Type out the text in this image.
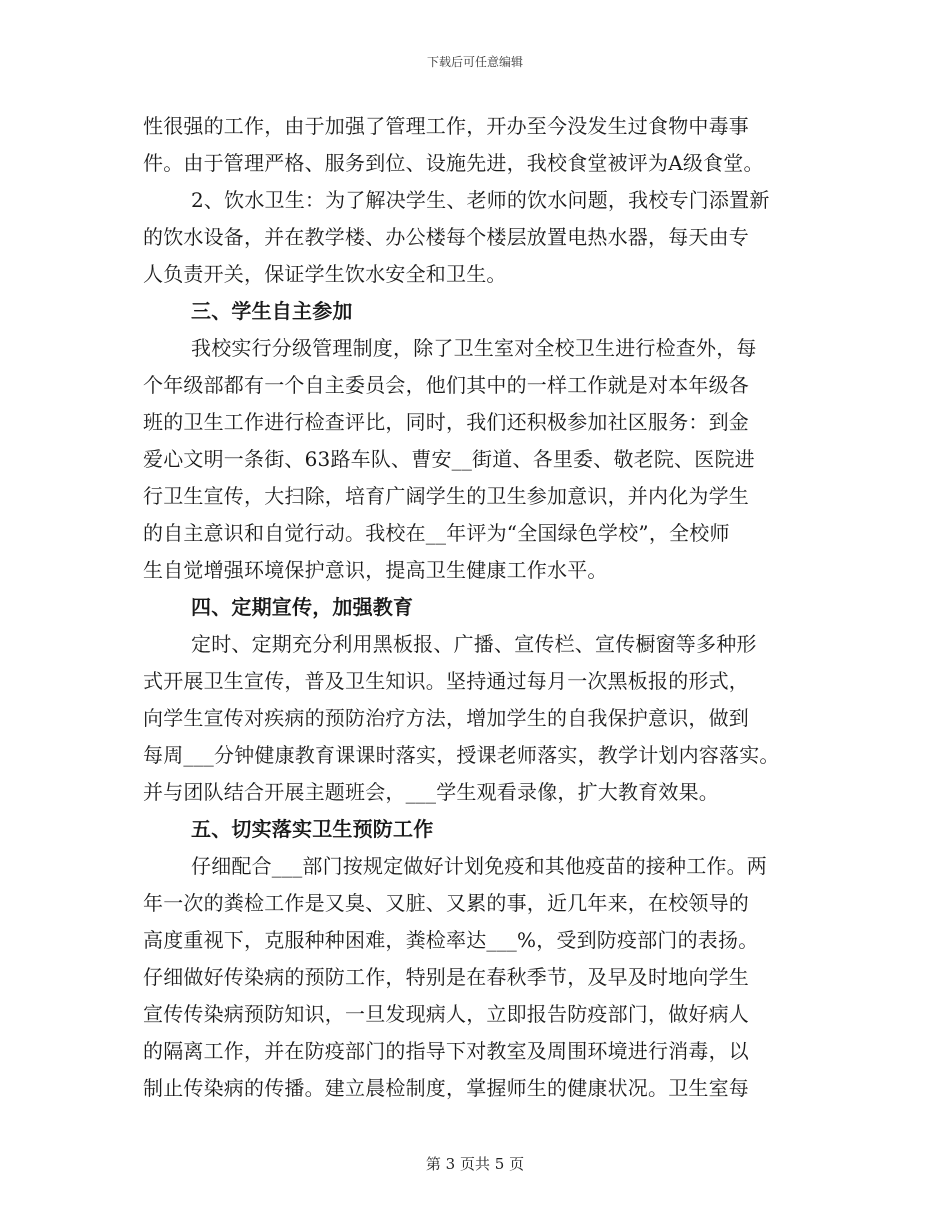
下载后可任意编辑
性很强的工作，由于加强了管理工作，开办至今没发生过食物中毒事
件。由于管理严格、服务到位、设施先进，我校食堂被评为A级食堂。
2、饮水卫生：为了解决学生、老师的饮水问题，我校专门添置新
的饮水设备，并在教学楼、办公楼每个楼层放置电热水器，每天由专
人负责开关，保证学生饮水安全和卫生。
三、学生自主参加
我校实行分级管理制度，除了卫生室对全校卫生进行检查外，每
个年级部都有一个自主委员会，他们其中的一样工作就是对本年级各
班的卫生工作进行检查评比，同时，我们还积极参加社区服务：到金
爱心文明一条街、63路车队、曹安__街道、各里委、敬老院、医院进
行卫生宣传，大扫除，培育广阔学生的卫生参加意识，并内化为学生
的自主意识和自觉行动。我校在__年评为“全国绿色学校”，全校师
生自觉增强环境保护意识，提高卫生健康工作水平。
四、定期宣传，加强教育
定时、定期充分利用黑板报、广播、宣传栏、宣传橱窗等多种形
式开展卫生宣传，普及卫生知识。坚持通过每月一次黑板报的形式，
向学生宣传对疾病的预防治疗方法，增加学生的自我保护意识，做到
每周___分钟健康教育课课时落实，授课老师落实，教学计划内容落实。
并与团队结合开展主题班会，___学生观看录像，扩大教育效果。
五、切实落实卫生预防工作
仔细配合___部门按规定做好计划免疫和其他疫苗的接种工作。两
年一次的粪检工作是又臭、又脏、又累的事，近几年来，在校领导的
高度重视下，克服种种困难，粪检率达___%，受到防疫部门的表扬。
仔细做好传染病的预防工作，特别是在春秋季节，及早及时地向学生
宣传传染病预防知识，一旦发现病人，立即报告防疫部门，做好病人
的隔离工作，并在防疫部门的指导下对教室及周围环境进行消毒，以
制止传染病的传播。建立晨检制度，掌握师生的健康状况。卫生室每
第 3 页共 5 页
